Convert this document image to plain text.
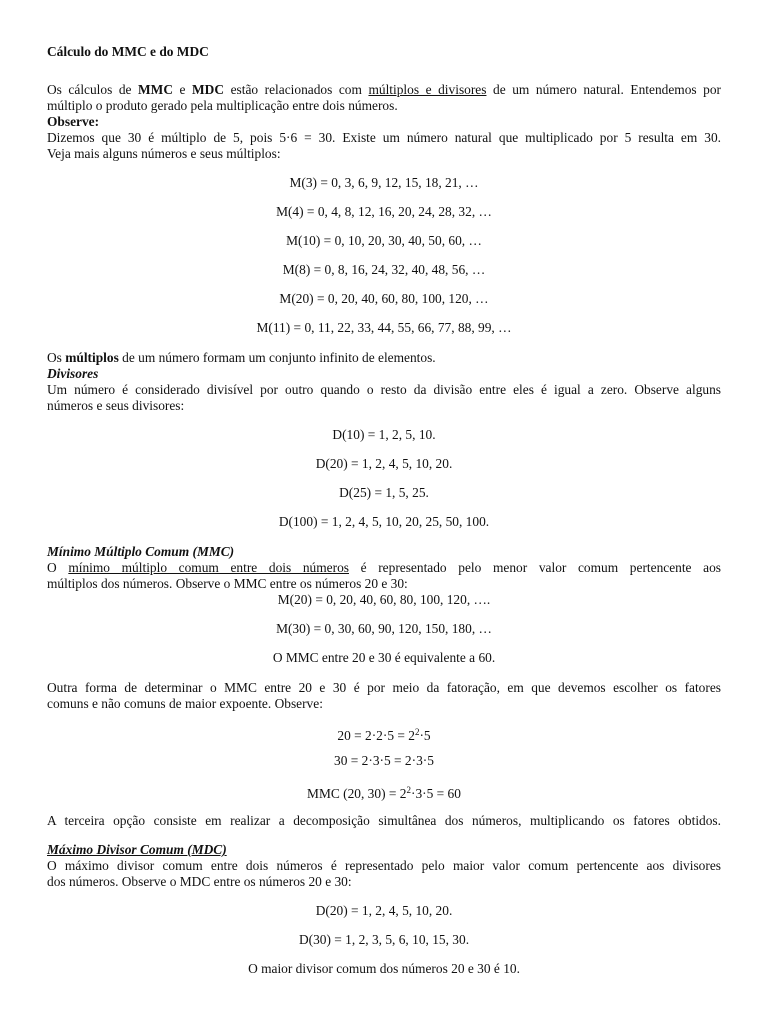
Cálculo do MMC e do MDC
Os cálculos de MMC e MDC estão relacionados com múltiplos e divisores de um número natural. Entendemos por
múltiplo o produto gerado pela multiplicação entre dois números.
Observe:
Dizemos que 30 é múltiplo de 5, pois 5·6 = 30. Existe um número natural que multiplicado por 5 resulta em 30.
Veja mais alguns números e seus múltiplos:
M(3) = 0, 3, 6, 9, 12, 15, 18, 21, …
M(4) = 0, 4, 8, 12, 16, 20, 24, 28, 32, …
M(10) = 0, 10, 20, 30, 40, 50, 60, …
M(8) = 0, 8, 16, 24, 32, 40, 48, 56, …
M(20) = 0, 20, 40, 60, 80, 100, 120, …
M(11) = 0, 11, 22, 33, 44, 55, 66, 77, 88, 99, …
Os múltiplos de um número formam um conjunto infinito de elementos.
Divisores
Um número é considerado divisível por outro quando o resto da divisão entre eles é igual a zero. Observe alguns
números e seus divisores:
D(10) = 1, 2, 5, 10.
D(20) = 1, 2, 4, 5, 10, 20.
D(25) = 1, 5, 25.
D(100) = 1, 2, 4, 5, 10, 20, 25, 50, 100.
Mínimo Múltiplo Comum (MMC)
O mínimo múltiplo comum entre dois números é representado pelo menor valor comum pertencente aos
múltiplos dos números. Observe o MMC entre os números 20 e 30:
M(20) = 0, 20, 40, 60, 80, 100, 120, ….
M(30) = 0, 30, 60, 90, 120, 150, 180, …
O MMC entre 20 e 30 é equivalente a 60.
Outra forma de determinar o MMC entre 20 e 30 é por meio da fatoração, em que devemos escolher os fatores
comuns e não comuns de maior expoente. Observe:
$20 = 2\cdot 2\cdot 5 = 2^2\cdot 5$
30 = 2·3·5 = 2·3·5
MMC (20, $30) = 2^2\cdot 3\cdot 5 = 60$
A terceira opção consiste em realizar a decomposição simultânea dos números, multiplicando os fatores obtidos.
Máximo Divisor Comum (MDC)
O máximo divisor comum entre dois números é representado pelo maior valor comum pertencente aos divisores
dos números. Observe o MDC entre os números 20 e 30:
D(20) = 1, 2, 4, 5, 10, 20.
D(30) = 1, 2, 3, 5, 6, 10, 15, 30.
O maior divisor comum dos números 20 e 30 é 10.
